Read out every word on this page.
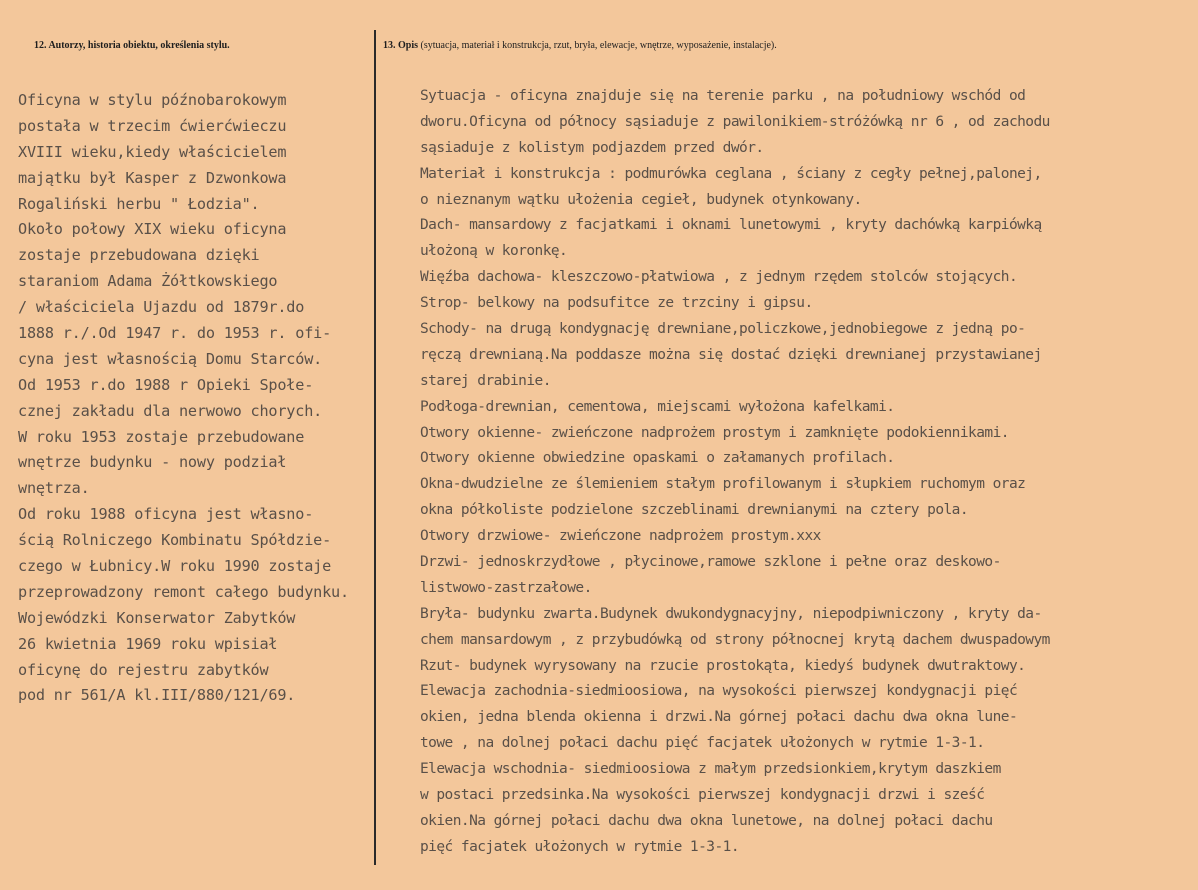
12. Autorzy, historia obiektu, określenia stylu.	13. Opis (sytuacja, materiał i konstrukcja, rzut, bryła, elewacje, wnętrze, wyposażenie, instalacje).
Oficyna w stylu późnobarokowym
postała w trzecim ćwierćwieczu
XVIII wieku,kiedy właścicielem
majątku był Kasper z Dzwonkowa
Rogaliński herbu " Łodzia".
Około połowy XIX wieku oficyna
zostaje przebudowana dzięki
staraniom Adama Żółtkowskiego
/ właściciela Ujazdu od 1879r.do
1888 r./.Od 1947 r. do 1953 r. ofi-
cyna jest własnością Domu Starców.
Od 1953 r.do 1988 r Opieki Społe-
cznej zakładu dla nerwowo chorych.
W roku 1953 zostaje przebudowane
wnętrze budynku - nowy podział
wnętrza.
Od roku 1988 oficyna jest własno-
ścią Rolniczego Kombinatu Spółdzie-
czego w Łubnicy.W roku 1990 zostaje
przeprowadzony remont całego budynku.
Wojewódzki Konserwator Zabytków
26 kwietnia 1969 roku wpisiał
oficynę do rejestru zabytków
pod nr 561/A kl.III/880/121/69.
Sytuacja - oficyna znajduje się na terenie parku , na południowy wschód od
dworu.Oficyna od północy sąsiaduje z pawilonikiem-stróżówką nr 6 , od zachodu
sąsiaduje z kolistym podjazdem przed dwór.
Materiał i konstrukcja : podmurówka ceglana , ściany z cegły pełnej,palonej,
o nieznanym wątku ułożenia cegieł, budynek otynkowany.
Dach- mansardowy z facjatkami i oknami lunetowymi , kryty dachówką karpiówką
ułożoną w koronkę.
Więźba dachowa- kleszczowo-płatwiowa , z jednym rzędem stolców stojących.
Strop- belkowy na podsufitce ze trzciny i gipsu.
Schody- na drugą kondygnację drewniane,policzkowe,jednobiegowe z jedną po-
ręczą drewnianą.Na poddasze można się dostać dzięki drewnianej przystawianej
starej drabinie.
Podłoga-drewnian, cementowa, miejscami wyłożona kafelkami.
Otwory okienne- zwieńczone nadprożem prostym i zamknięte podokiennikami.
Otwory okienne obwiedzine opaskami o załamanych profilach.
Okna-dwudzielne ze ślemieniem stałym profilowanym i słupkiem ruchomym oraz
okna półkoliste podzielone szczeblinami drewnianymi na cztery pola.
Otwory drzwiowe- zwieńczone nadprożem prostym.xxx
Drzwi- jednoskrzydłowe , płycinowe,ramowe szklone i pełne oraz deskowo-
listwowo-zastrzałowe.
Bryła- budynku zwarta.Budynek dwukondygnacyjny, niepodpiwniczony , kryty da-
chem mansardowym , z przybudówką od strony północnej krytą dachem dwuspadowym
Rzut- budynek wyrysowany na rzucie prostokąta, kiedyś budynek dwutraktowy.
Elewacja zachodnia-siedmioosiowa, na wysokości pierwszej kondygnacji pięć
okien, jedna blenda okienna i drzwi.Na górnej połaci dachu dwa okna lune-
towe , na dolnej połaci dachu pięć facjatek ułożonych w rytmie 1-3-1.
Elewacja wschodnia- siedmioosiowa z małym przedsionkiem,krytym daszkiem
w postaci przedsinka.Na wysokości pierwszej kondygnacji drzwi i sześć
okien.Na górnej połaci dachu dwa okna lunetowe, na dolnej połaci dachu
pięć facjatek ułożonych w rytmie 1-3-1.
